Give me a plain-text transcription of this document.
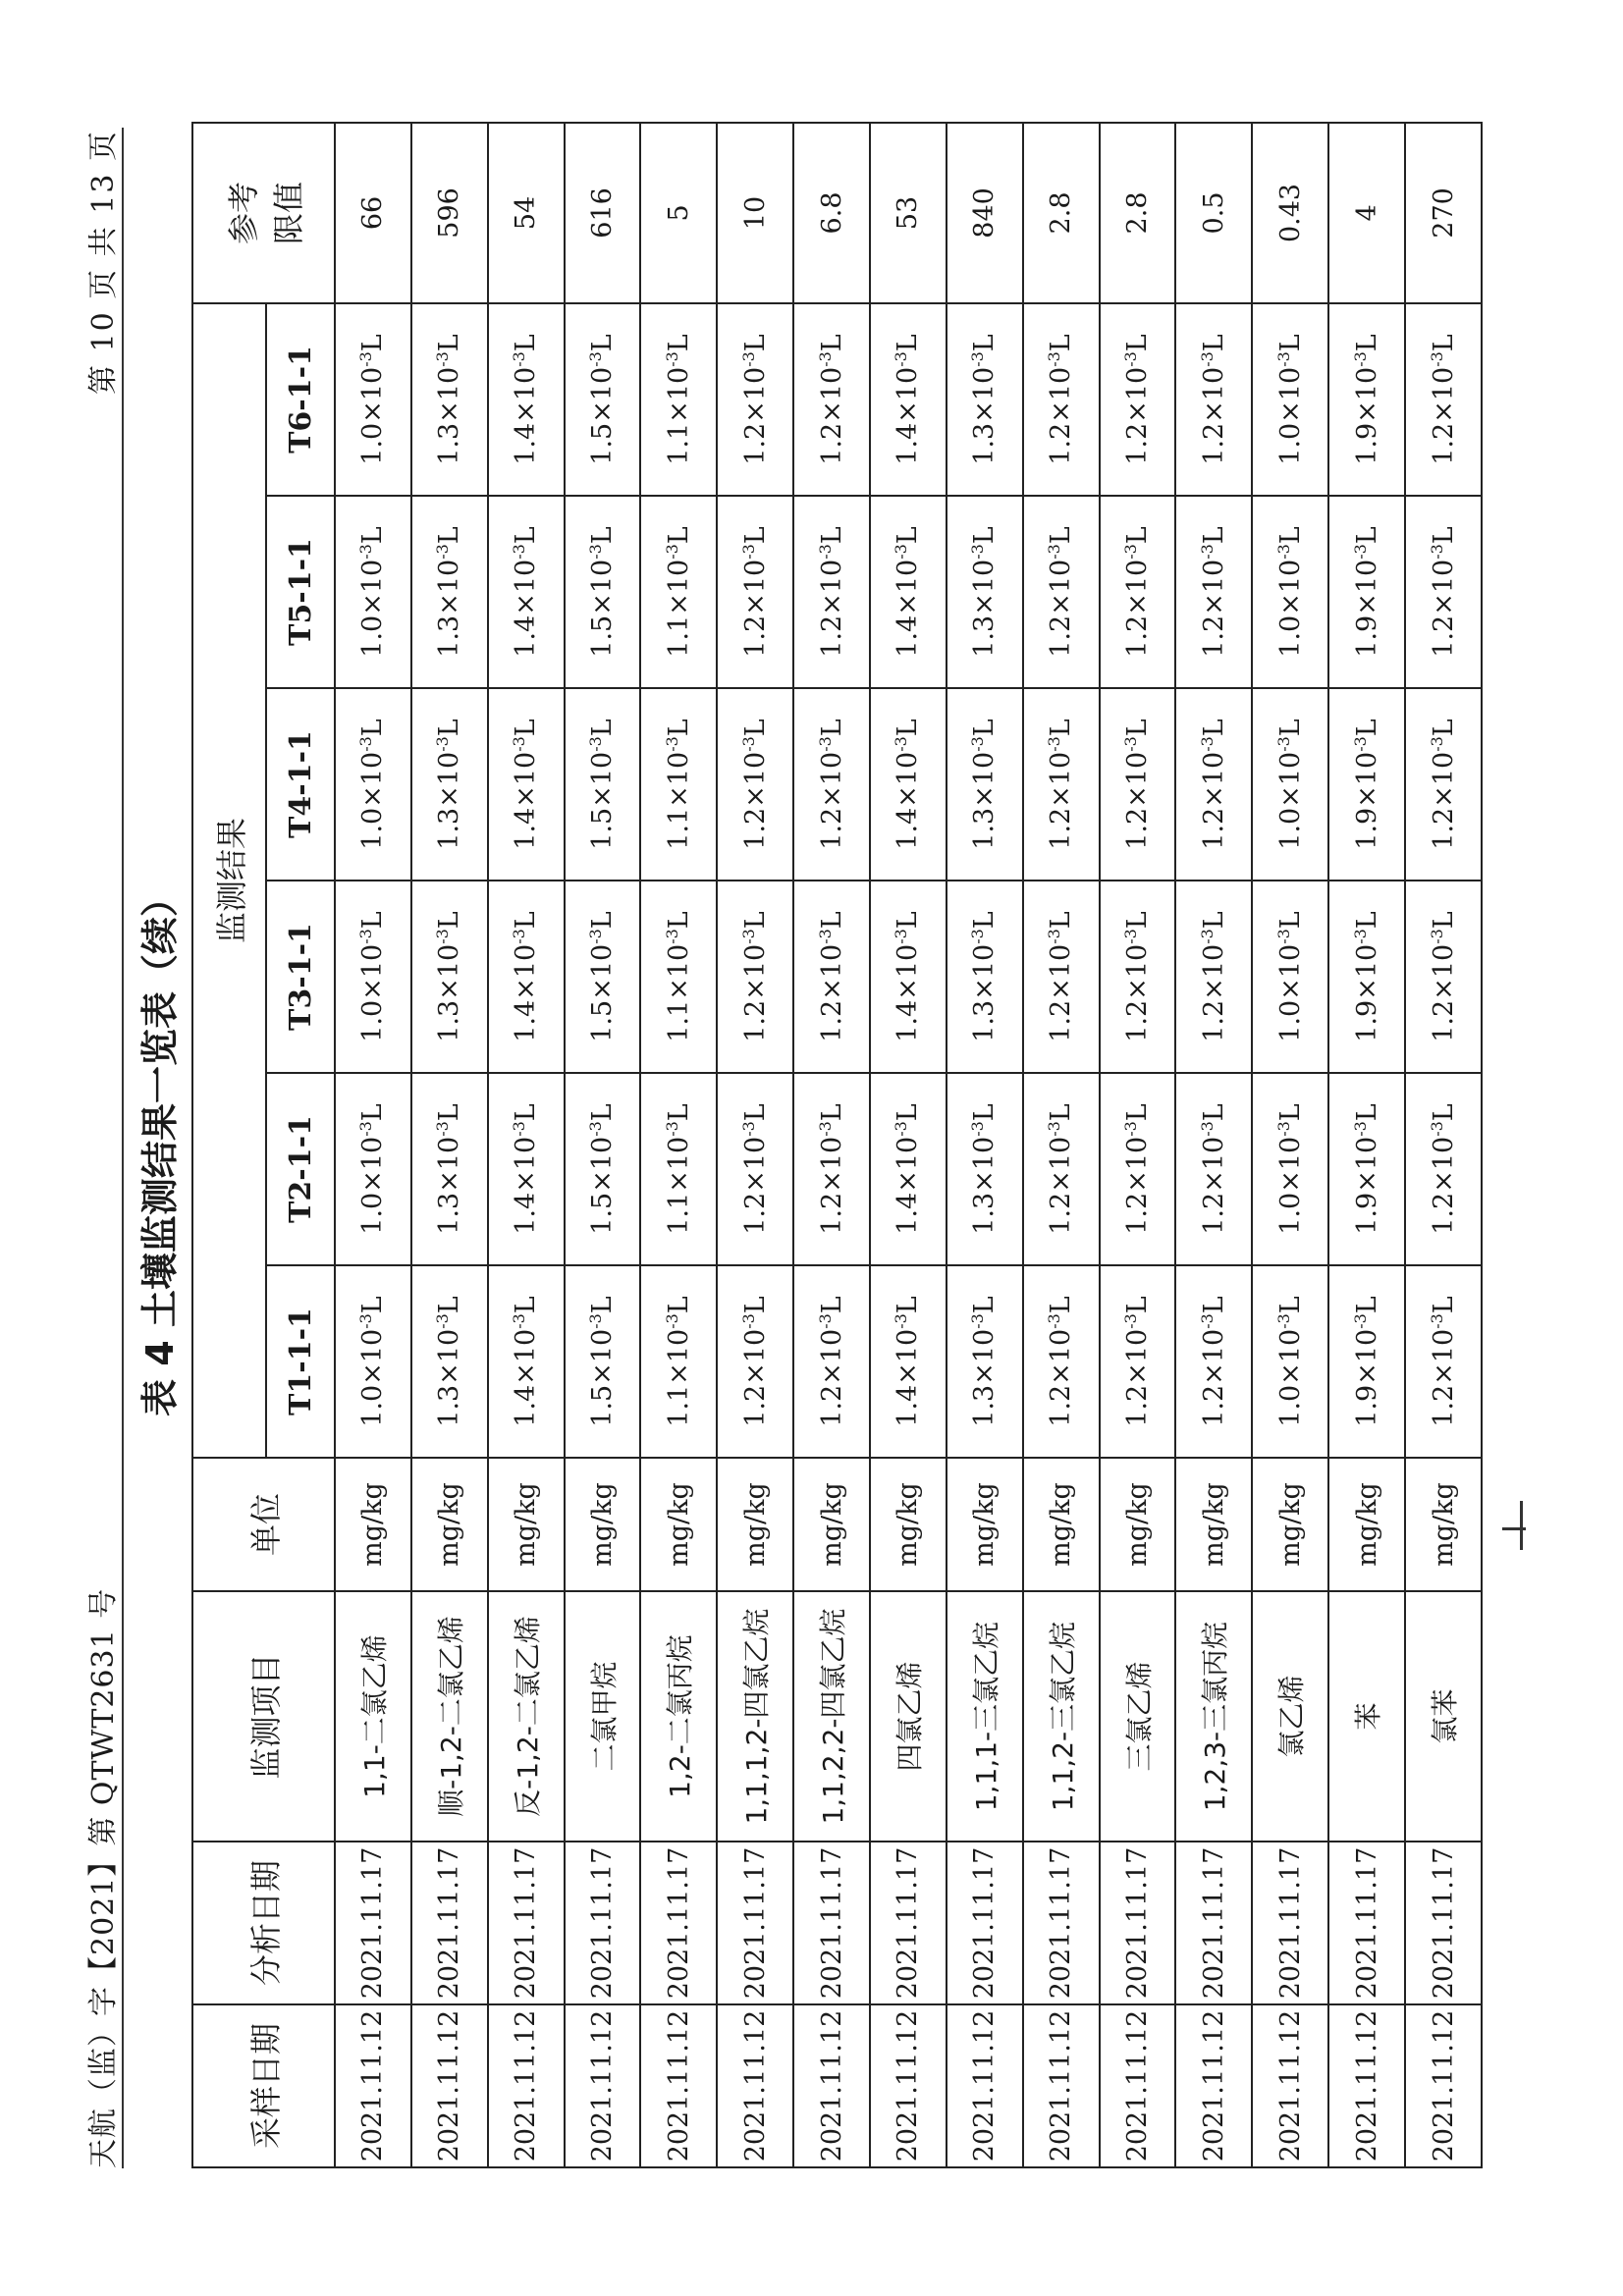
天航（监）字【2021】第 QTWT2631 号
第 10 页 共 13 页
表 4 土壤监测结果一览表（续）
采样日期	分析日期	监测项目	单位	监测结果						参考 限值

				T1-1-1	T2-1-1	T3-1-1	T4-1-1	T5-1-1	T6-1-1	
2021.11.12	2021.11.17	1,1-二氯乙烯	mg/kg	$1.0\times 10^{-3}L$	$1.0\times 10^{-3}L$	$1.0\times 10^{-3}L$	$1.0\times 10^{-3}L$	$1.0\times 10^{-3}L$	$1.0\times 10^{-3}L$	66
2021.11.12	2021.11.17	顺-1,2-二氯乙烯	mg/kg	$1.3\times 10^{-3}L$	$1.3\times 10^{-3}L$	$1.3\times 10^{-3}L$	$1.3\times 10^{-3}L$	$1.3\times 10^{-3}L$	$1.3\times 10^{-3}L$	596
2021.11.12	2021.11.17	反-1,2-二氯乙烯	mg/kg	$1.4\times 10^{-3}L$	$1.4\times 10^{-3}L$	$1.4\times 10^{-3}L$	$1.4\times 10^{-3}L$	$1.4\times 10^{-3}L$	$1.4\times 10^{-3}L$	54
2021.11.12	2021.11.17	二氯甲烷	mg/kg	$1.5\times 10^{-3}L$	$1.5\times 10^{-3}L$	$1.5\times 10^{-3}L$	$1.5\times 10^{-3}L$	$1.5\times 10^{-3}L$	$1.5\times 10^{-3}L$	616
2021.11.12	2021.11.17	1,2-二氯丙烷	mg/kg	$1.1\times 10^{-3}L$	$1.1\times 10^{-3}L$	$1.1\times 10^{-3}L$	$1.1\times 10^{-3}L$	$1.1\times 10^{-3}L$	$1.1\times 10^{-3}L$	5
2021.11.12	2021.11.17	1,1,1,2-四氯乙烷	mg/kg	$1.2\times 10^{-3}L$	$1.2\times 10^{-3}L$	$1.2\times 10^{-3}L$	$1.2\times 10^{-3}L$	$1.2\times 10^{-3}L$	$1.2\times 10^{-3}L$	10
2021.11.12	2021.11.17	1,1,2,2-四氯乙烷	mg/kg	$1.2\times 10^{-3}L$	$1.2\times 10^{-3}L$	$1.2\times 10^{-3}L$	$1.2\times 10^{-3}L$	$1.2\times 10^{-3}L$	$1.2\times 10^{-3}L$	6.8
2021.11.12	2021.11.17	四氯乙烯	mg/kg	$1.4\times 10^{-3}L$	$1.4\times 10^{-3}L$	$1.4\times 10^{-3}L$	$1.4\times 10^{-3}L$	$1.4\times 10^{-3}L$	$1.4\times 10^{-3}L$	53
2021.11.12	2021.11.17	1,1,1-三氯乙烷	mg/kg	$1.3\times 10^{-3}L$	$1.3\times 10^{-3}L$	$1.3\times 10^{-3}L$	$1.3\times 10^{-3}L$	$1.3\times 10^{-3}L$	$1.3\times 10^{-3}L$	840
2021.11.12	2021.11.17	1,1,2-三氯乙烷	mg/kg	$1.2\times 10^{-3}L$	$1.2\times 10^{-3}L$	$1.2\times 10^{-3}L$	$1.2\times 10^{-3}L$	$1.2\times 10^{-3}L$	$1.2\times 10^{-3}L$	2.8
2021.11.12	2021.11.17	三氯乙烯	mg/kg	$1.2\times 10^{-3}L$	$1.2\times 10^{-3}L$	$1.2\times 10^{-3}L$	$1.2\times 10^{-3}L$	$1.2\times 10^{-3}L$	$1.2\times 10^{-3}L$	2.8
2021.11.12	2021.11.17	1,2,3-三氯丙烷	mg/kg	$1.2\times 10^{-3}L$	$1.2\times 10^{-3}L$	$1.2\times 10^{-3}L$	$1.2\times 10^{-3}L$	$1.2\times 10^{-3}L$	$1.2\times 10^{-3}L$	0.5
2021.11.12	2021.11.17	氯乙烯	mg/kg	$1.0\times 10^{-3}L$	$1.0\times 10^{-3}L$	$1.0\times 10^{-3}L$	$1.0\times 10^{-3}L$	$1.0\times 10^{-3}L$	$1.0\times 10^{-3}L$	0.43
2021.11.12	2021.11.17	苯	mg/kg	$1.9\times 10^{-3}L$	$1.9\times 10^{-3}L$	$1.9\times 10^{-3}L$	$1.9\times 10^{-3}L$	$1.9\times 10^{-3}L$	$1.9\times 10^{-3}L$	4
2021.11.12	2021.11.17	氯苯	mg/kg	$1.2\times 10^{-3}L$	$1.2\times 10^{-3}L$	$1.2\times 10^{-3}L$	$1.2\times 10^{-3}L$	$1.2\times 10^{-3}L$	$1.2\times 10^{-3}L$	270
